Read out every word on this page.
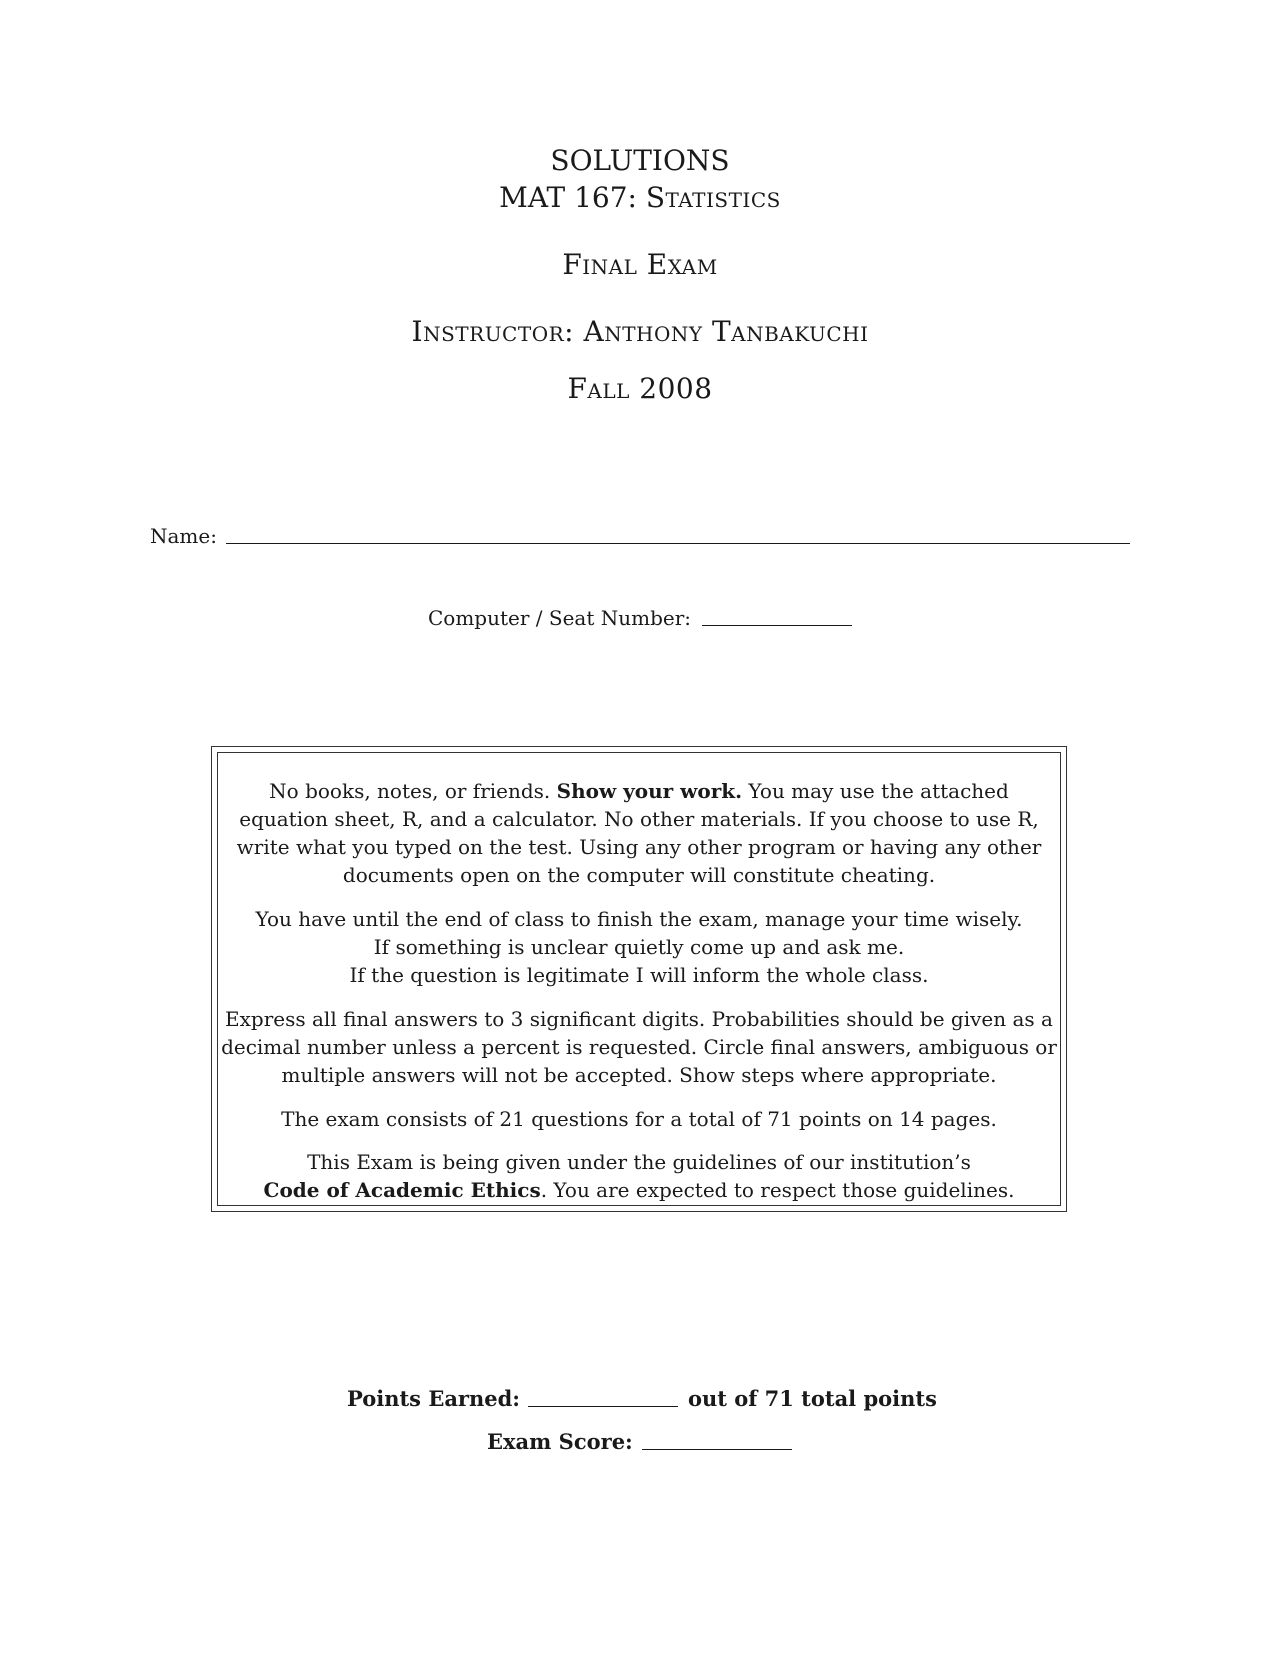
SOLUTIONS
MAT 167: Statistics
Final Exam
Instructor: Anthony Tanbakuchi
Fall 2008
Name:
Computer / Seat Number:
No books, notes, or friends. Show your work. You may use the attached
equation sheet, R, and a calculator. No other materials. If you choose to use R,
write what you typed on the test. Using any other program or having any other
documents open on the computer will constitute cheating.
You have until the end of class to finish the exam, manage your time wisely.
If something is unclear quietly come up and ask me.
If the question is legitimate I will inform the whole class.
Express all final answers to 3 significant digits. Probabilities should be given as a
decimal number unless a percent is requested. Circle final answers, ambiguous or
multiple answers will not be accepted. Show steps where appropriate.
The exam consists of 21 questions for a total of 71 points on 14 pages.
This Exam is being given under the guidelines of our institution’s
Code of Academic Ethics. You are expected to respect those guidelines.
Points Earned:	out of 71 total points
Exam Score:
